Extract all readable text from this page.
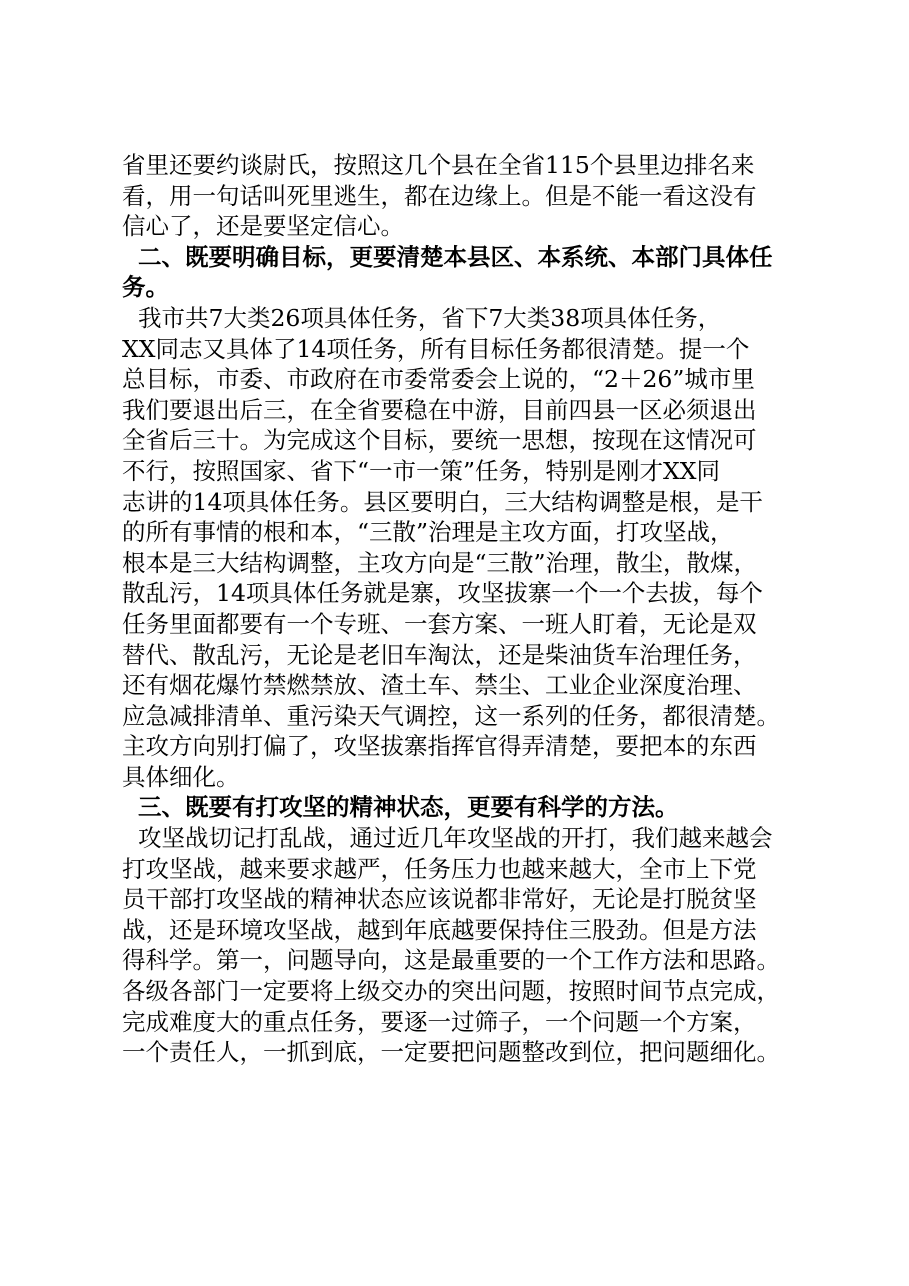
省里还要约谈尉氏，按照这几个县在全省115个县里边排名来
看，用一句话叫死里逃生，都在边缘上。但是不能一看这没有
信心了，还是要坚定信心。
二、既要明确目标，更要清楚本县区、本系统、本部门具体任
务。
我市共7大类26项具体任务，省下7大类38项具体任务，
XX同志又具体了14项任务，所有目标任务都很清楚。提一个
总目标，市委、市政府在市委常委会上说的，“2＋26”城市里
我们要退出后三，在全省要稳在中游，目前四县一区必须退出
全省后三十。为完成这个目标，要统一思想，按现在这情况可
不行，按照国家、省下“一市一策”任务，特别是刚才XX同
志讲的14项具体任务。县区要明白，三大结构调整是根，是干
的所有事情的根和本，“三散”治理是主攻方面，打攻坚战，
根本是三大结构调整，主攻方向是“三散”治理，散尘，散煤，
散乱污，14项具体任务就是寨，攻坚拔寨一个一个去拔，每个
任务里面都要有一个专班、一套方案、一班人盯着，无论是双
替代、散乱污，无论是老旧车淘汰，还是柴油货车治理任务，
还有烟花爆竹禁燃禁放、渣土车、禁尘、工业企业深度治理、
应急减排清单、重污染天气调控，这一系列的任务，都很清楚。
主攻方向别打偏了，攻坚拔寨指挥官得弄清楚，要把本的东西
具体细化。
三、既要有打攻坚的精神状态，更要有科学的方法。
攻坚战切记打乱战，通过近几年攻坚战的开打，我们越来越会
打攻坚战，越来要求越严，任务压力也越来越大，全市上下党
员干部打攻坚战的精神状态应该说都非常好，无论是打脱贫坚
战，还是环境攻坚战，越到年底越要保持住三股劲。但是方法
得科学。第一，问题导向，这是最重要的一个工作方法和思路。
各级各部门一定要将上级交办的突出问题，按照时间节点完成，
完成难度大的重点任务，要逐一过筛子，一个问题一个方案，
一个责任人，一抓到底，一定要把问题整改到位，把问题细化。
